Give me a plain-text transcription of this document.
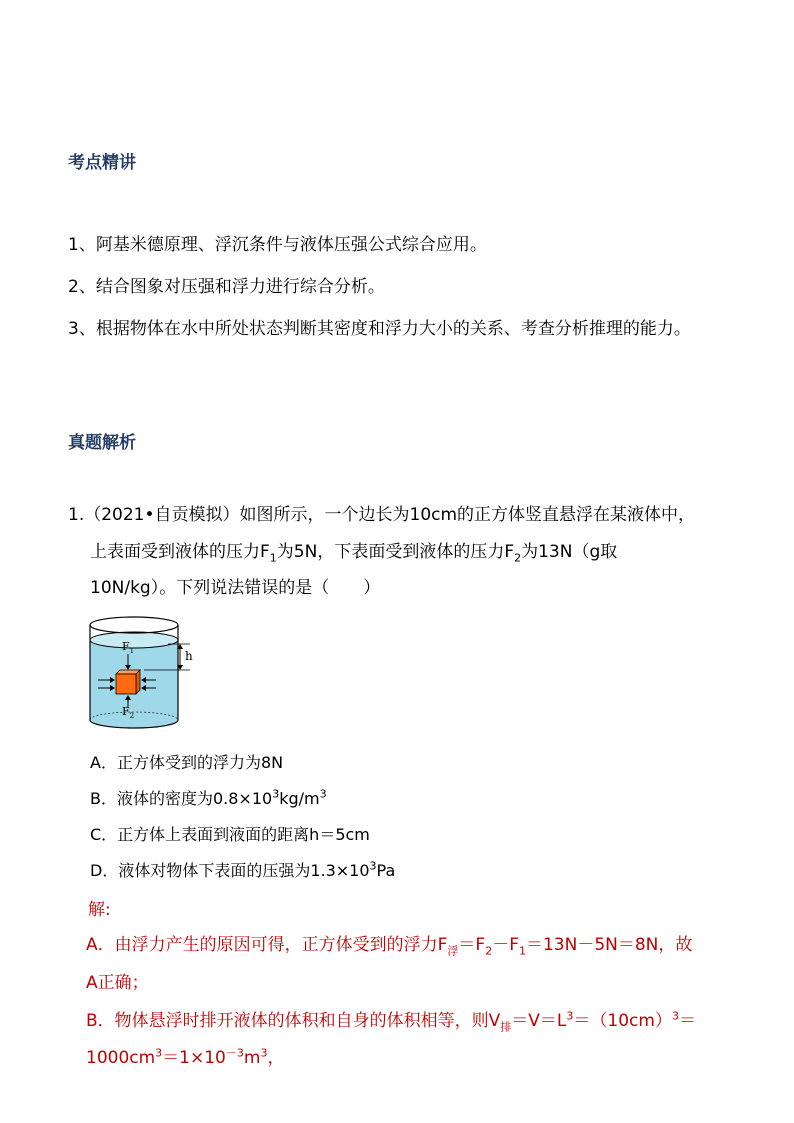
考点精讲
1、阿基米德原理、浮沉条件与液体压强公式综合应用。
2、结合图象对压强和浮力进行综合分析。
3、根据物体在水中所处状态判断其密度和浮力大小的关系、考查分析推理的能力。
真题解析
1.（2021•自贡模拟）如图所示，一个边长为10cm的正方体竖直悬浮在某液体中，
上表面受到液体的压力$F_1$为5N，下表面受到液体的压力$F_2$为13N（g取
10N/kg）。下列说法错误的是（　　）
$F_1$
$F_2$
h
A．正方体受到的浮力为8N
B．液体的密度为$0.8\times 10^3kg/m^3$
C．正方体上表面到液面的距离h＝5cm
D．液体对物体下表面的压强为$1.3\times 10^3Pa$
解:
A．由浮力产生的原因可得，正方体受到的浮力$F_浮=F_2-F_1=13N-5N=8N$，故
A正确；
B．物体悬浮时排开液体的体积和自身的体积相等，则$V_排=V=L^3=(10cm)^3=$
$1000cm^3=1\times 10^{-3}m^3$，
